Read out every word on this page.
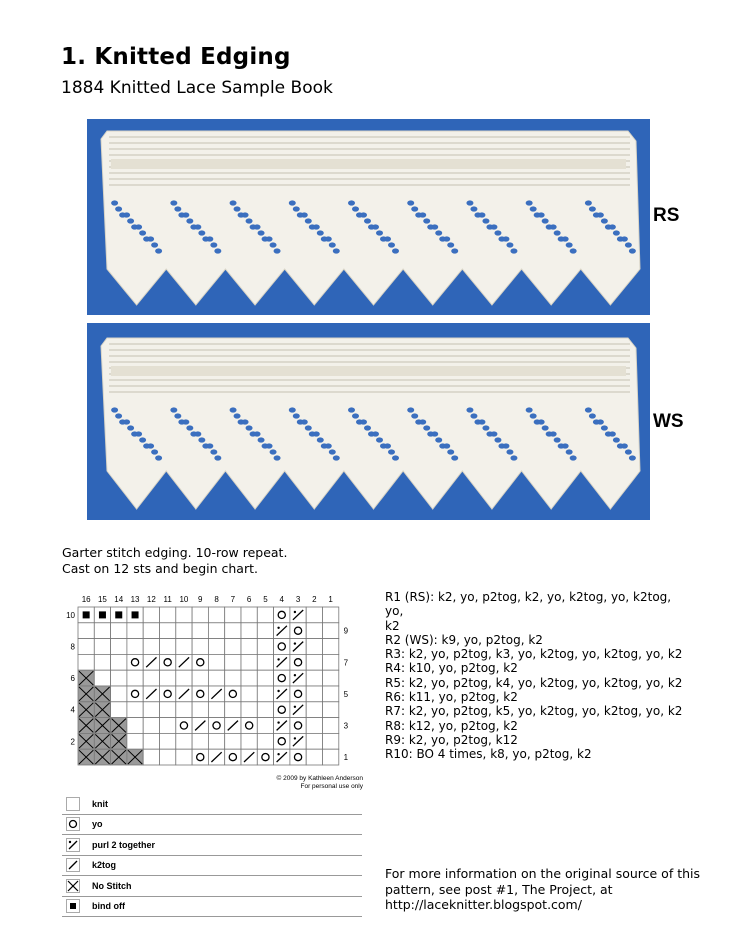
1. Knitted Edging
1884 Knitted Lace Sample Book
RS
WS
Garter stitch edging. 10-row repeat.
Cast on 12 sts and begin chart.
16 15 14 13 12 11 10 9 8 7 6 5 4 3 2 1
10
8
6
4
2
9
7
5
3
1
© 2009 by Kathleen Anderson
For personal use only
knit
yo
purl 2 together
k2tog
No Stitch
bind off
R1 (RS): k2, yo, p2tog, k2, yo, k2tog, yo, k2tog, yo,
k2
R2 (WS): k9, yo, p2tog, k2
R3: k2, yo, p2tog, k3, yo, k2tog, yo, k2tog, yo, k2
R4: k10, yo, p2tog, k2
R5: k2, yo, p2tog, k4, yo, k2tog, yo, k2tog, yo, k2
R6: k11, yo, p2tog, k2
R7: k2, yo, p2tog, k5, yo, k2tog, yo, k2tog, yo, k2
R8: k12, yo, p2tog, k2
R9: k2, yo, p2tog, k12
R10: BO 4 times, k8, yo, p2tog, k2
For more information on the original source of this
pattern, see post #1, The Project, at
http://laceknitter.blogspot.com/
